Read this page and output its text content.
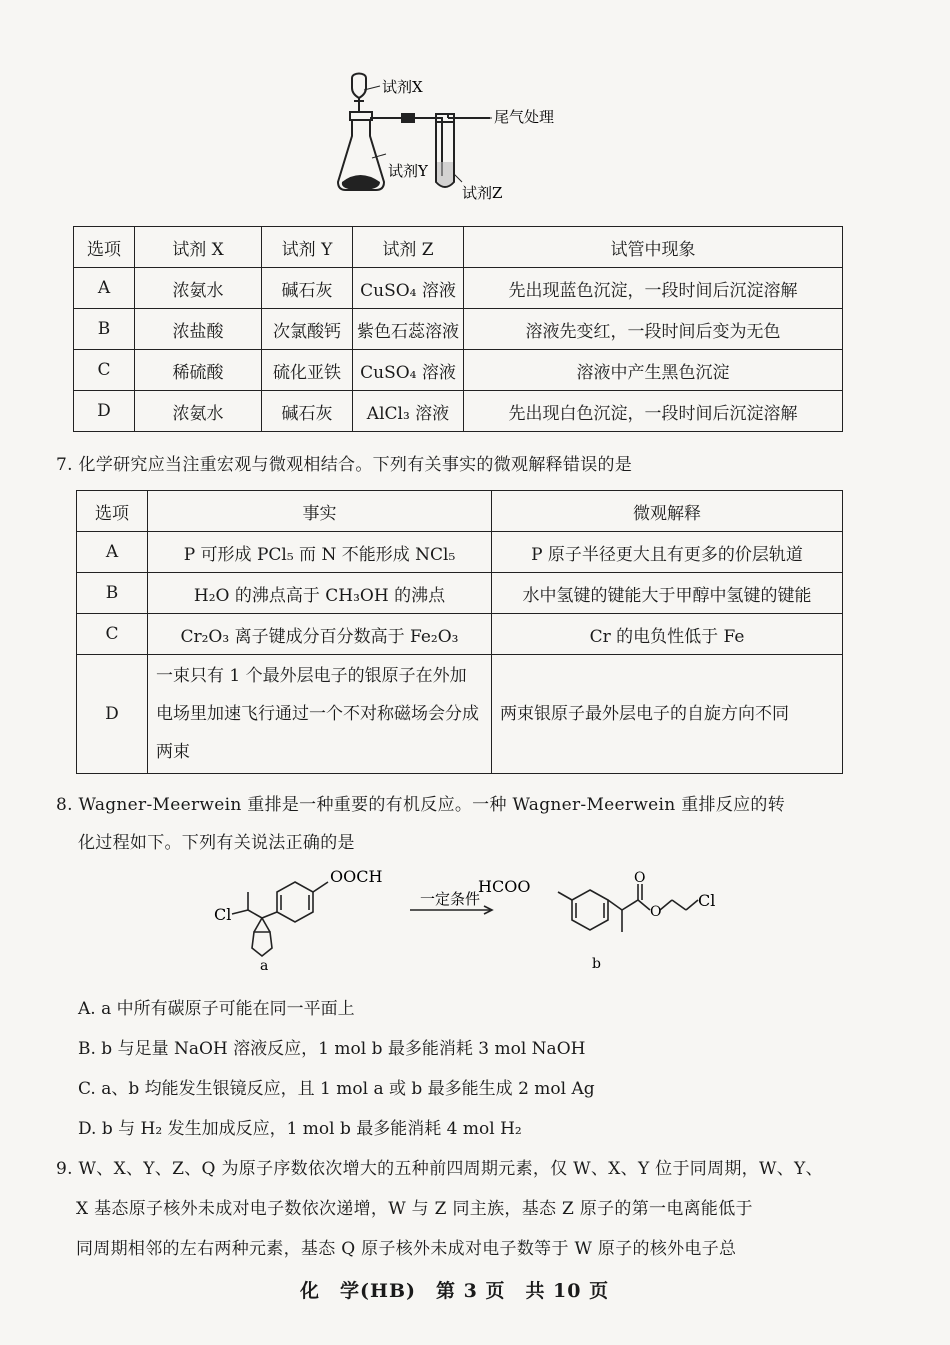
试剂X
试剂Y
试剂Z
尾气处理
选项	试剂 X	试剂 Y	试剂 Z	试管中现象
A	浓氨水	碱石灰	CuSO₄ 溶液	先出现蓝色沉淀，一段时间后沉淀溶解
B	浓盐酸	次氯酸钙	紫色石蕊溶液	溶液先变红，一段时间后变为无色
C	稀硫酸	硫化亚铁	CuSO₄ 溶液	溶液中产生黑色沉淀
D	浓氨水	碱石灰	AlCl₃ 溶液	先出现白色沉淀，一段时间后沉淀溶解
7. 化学研究应当注重宏观与微观相结合。下列有关事实的微观解释错误的是
选项	事实	微观解释
A	P 可形成 PCl₅ 而 N 不能形成 NCl₅	P 原子半径更大且有更多的价层轨道
B	H₂O 的沸点高于 CH₃OH 的沸点	水中氢键的键能大于甲醇中氢键的键能
C	Cr₂O₃ 离子键成分百分数高于 Fe₂O₃	Cr 的电负性低于 Fe
D	一束只有 1 个最外层电子的银原子在外加电场里加速飞行通过一个不对称磁场会分成两束	两束银原子最外层电子的自旋方向不同
8. Wagner-Meerwein 重排是一种重要的有机反应。一种 Wagner-Meerwein 重排反应的转
化过程如下。下列有关说法正确的是
OOCH
Cl
一定条件
HCOO	O
O
Cl
a	b
A. a 中所有碳原子可能在同一平面上
B. b 与足量 NaOH 溶液反应，1 mol b 最多能消耗 3 mol NaOH
C. a、b 均能发生银镜反应，且 1 mol a 或 b 最多能生成 2 mol Ag
D. b 与 H₂ 发生加成反应，1 mol b 最多能消耗 4 mol H₂
9. W、X、Y、Z、Q 为原子序数依次增大的五种前四周期元素，仅 W、X、Y 位于同周期，W、Y、
X 基态原子核外未成对电子数依次递增，W 与 Z 同主族，基态 Z 原子的第一电离能低于
同周期相邻的左右两种元素，基态 Q 原子核外未成对电子数等于 W 原子的核外电子总
化　学(HB)　第 3 页　共 10 页
